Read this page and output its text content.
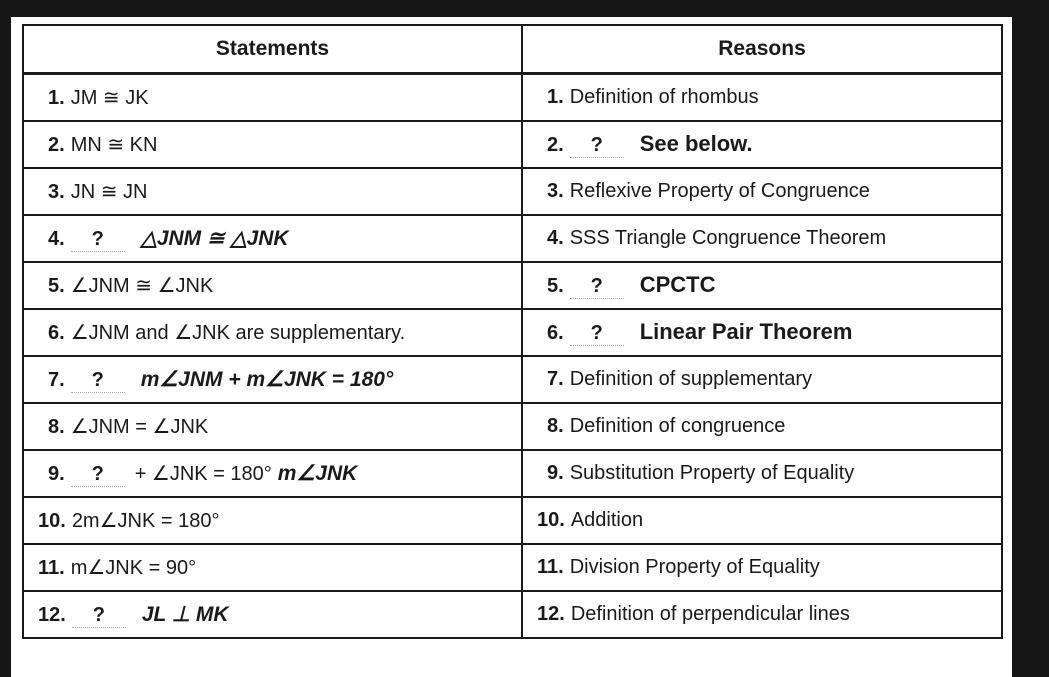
Statements	Reasons
1. JM ≅ JK	1. Definition of rhombus
2. MN ≅ KN	2. ? See below.
3. JN ≅ JN	3. Reflexive Property of Congruence
4. ? △JNM ≅ △JNK	4. SSS Triangle Congruence Theorem
5. ∠JNM ≅ ∠JNK	5. ? CPCTC
6. ∠JNM and ∠JNK are supplementary.	6. ? Linear Pair Theorem
7. ? m∠JNM + m∠JNK = 180°	7. Definition of supplementary
8. ∠JNM = ∠JNK	8. Definition of congruence
9. ? + ∠JNK = 180° m∠JNK	9. Substitution Property of Equality
10. 2m∠JNK = 180°	10. Addition
11. m∠JNK = 90°	11. Division Property of Equality
12. ? JL ⊥ MK	12. Definition of perpendicular lines
